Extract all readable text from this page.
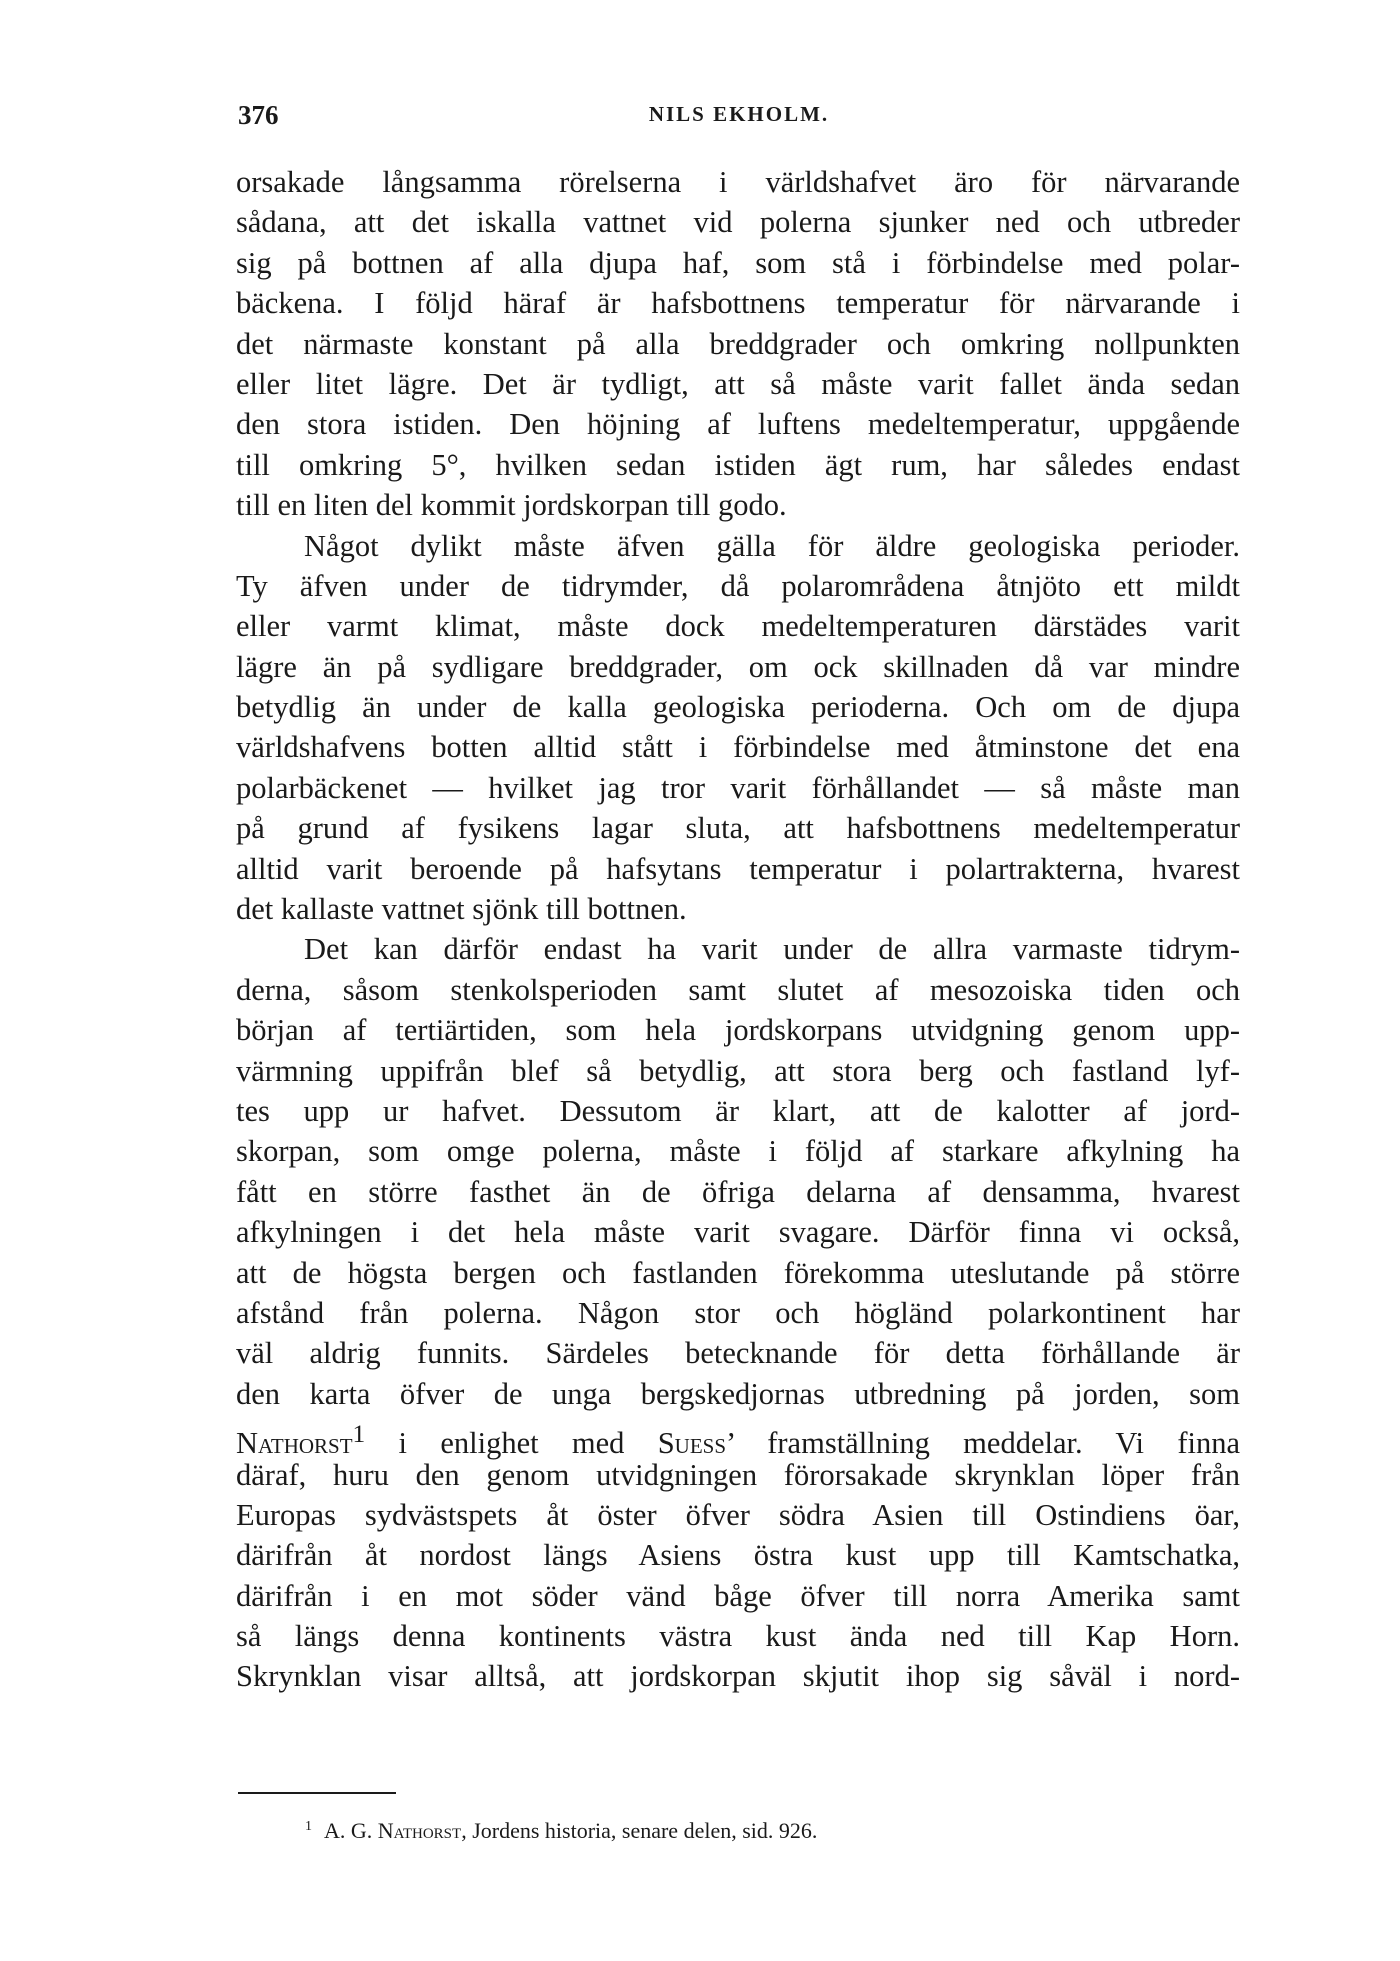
376	NILS EKHOLM.
orsakade långsamma rörelserna i världshafvet äro för närvarande
sådana, att det iskalla vattnet vid polerna sjunker ned och utbreder
sig på bottnen af alla djupa haf, som stå i förbindelse med polar-
bäckena. I följd häraf är hafsbottnens temperatur för närvarande i
det närmaste konstant på alla breddgrader och omkring nollpunkten
eller litet lägre. Det är tydligt, att så måste varit fallet ända sedan
den stora istiden. Den höjning af luftens medeltemperatur, uppgående
till omkring 5°, hvilken sedan istiden ägt rum, har således endast
till en liten del kommit jordskorpan till godo.
Något dylikt måste äfven gälla för äldre geologiska perioder.
Ty äfven under de tidrymder, då polarområdena åtnjöto ett mildt
eller varmt klimat, måste dock medeltemperaturen därstädes varit
lägre än på sydligare breddgrader, om ock skillnaden då var mindre
betydlig än under de kalla geologiska perioderna. Och om de djupa
världshafvens botten alltid stått i förbindelse med åtminstone det ena
polarbäckenet — hvilket jag tror varit förhållandet — så måste man
på grund af fysikens lagar sluta, att hafsbottnens medeltemperatur
alltid varit beroende på hafsytans temperatur i polartrakterna, hvarest
det kallaste vattnet sjönk till bottnen.
Det kan därför endast ha varit under de allra varmaste tidrym-
derna, såsom stenkolsperioden samt slutet af mesozoiska tiden och
början af tertiärtiden, som hela jordskorpans utvidgning genom upp-
värmning uppifrån blef så betydlig, att stora berg och fastland lyf-
tes upp ur hafvet. Dessutom är klart, att de kalotter af jord-
skorpan, som omge polerna, måste i följd af starkare afkylning ha
fått en större fasthet än de öfriga delarna af densamma, hvarest
afkylningen i det hela måste varit svagare. Därför finna vi också,
att de högsta bergen och fastlanden förekomma uteslutande på större
afstånd från polerna. Någon stor och högländ polarkontinent har
väl aldrig funnits. Särdeles betecknande för detta förhållande är
den karta öfver de unga bergskedjornas utbredning på jorden, som
Nathorst$^1$ i enlighet med Suess’ framställning meddelar. Vi finna
däraf, huru den genom utvidgningen förorsakade skrynklan löper från
Europas sydvästspets åt öster öfver södra Asien till Ostindiens öar,
därifrån åt nordost längs Asiens östra kust upp till Kamtschatka,
därifrån i en mot söder vänd båge öfver till norra Amerika samt
så längs denna kontinents västra kust ända ned till Kap Horn.
Skrynklan visar alltså, att jordskorpan skjutit ihop sig såväl i nord-
$^1$ A. G. Nathorst, Jordens historia, senare delen, sid. 926.
